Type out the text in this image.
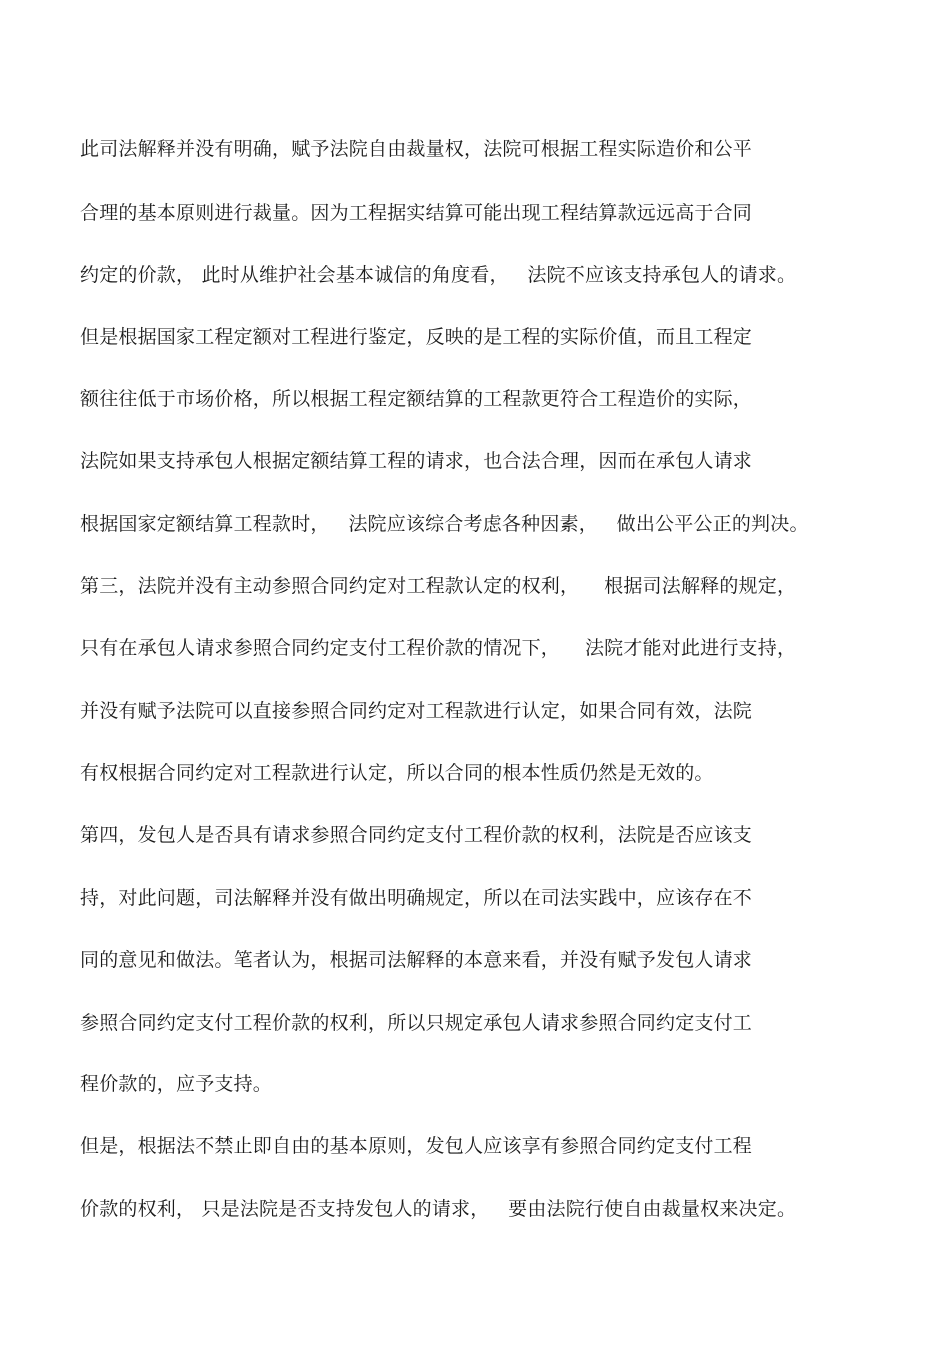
此司法解释并没有明确，赋予法院自由裁量权，法院可根据工程实际造价和公平
合理的基本原则进行裁量。因为工程据实结算可能出现工程结算款远远高于合同
约定的价款， 此时从维护社会基本诚信的角度看，   法院不应该支持承包人的请求。
但是根据国家工程定额对工程进行鉴定，反映的是工程的实际价值，而且工程定
额往往低于市场价格，所以根据工程定额结算的工程款更符合工程造价的实际，
法院如果支持承包人根据定额结算工程的请求，也合法合理，因而在承包人请求
根据国家定额结算工程款时，   法院应该综合考虑各种因素，   做出公平公正的判决。
第三，法院并没有主动参照合同约定对工程款认定的权利，    根据司法解释的规定，
只有在承包人请求参照合同约定支付工程价款的情况下，    法院才能对此进行支持，
并没有赋予法院可以直接参照合同约定对工程款进行认定，如果合同有效，法院
有权根据合同约定对工程款进行认定，所以合同的根本性质仍然是无效的。
第四，发包人是否具有请求参照合同约定支付工程价款的权利，法院是否应该支
持，对此问题，司法解释并没有做出明确规定，所以在司法实践中，应该存在不
同的意见和做法。笔者认为，根据司法解释的本意来看，并没有赋予发包人请求
参照合同约定支付工程价款的权利，所以只规定承包人请求参照合同约定支付工
程价款的，应予支持。
但是，根据法不禁止即自由的基本原则，发包人应该享有参照合同约定支付工程
价款的权利， 只是法院是否支持发包人的请求，   要由法院行使自由裁量权来决定。
